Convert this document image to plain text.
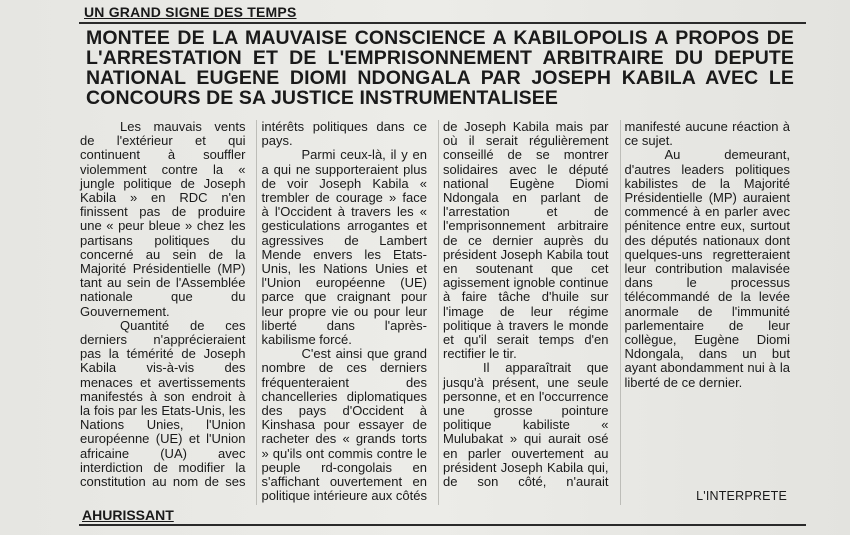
UN GRAND SIGNE DES TEMPS
MONTEE DE LA MAUVAISE CONSCIENCE A KABILOPOLIS A PROPOS DE L'ARRESTATION ET DE L'EMPRISONNEMENT ARBITRAIRE DU DEPUTE NATIONAL EUGENE DIOMI NDONGALA PAR JOSEPH KABILA AVEC LE CONCOURS DE SA JUSTICE INSTRUMENTALISEE

Les mauvais vents de l'extérieur et qui continuent à souffler violemment contre la « jungle politique de Joseph Kabila » en RDC n'en finissent pas de produire une « peur bleue » chez les partisans politiques du concerné au sein de la Majorité Présidentielle (MP) tant au sein de l'Assemblée nationale que du Gouvernement.

Quantité de ces derniers n'apprécieraient pas la témérité de Joseph Kabila vis-à-vis des menaces et avertissements manifestés à son endroit à la fois par les Etats-Unis, les Nations Unies, l'Union européenne (UE) et l'Union africaine (UA) avec interdiction de modifier la constitution au nom de ses intérêts politiques dans ce pays.

Parmi ceux-là, il y en a qui ne supporteraient plus de voir Joseph Kabila « trembler de courage » face à l'Occident à travers les « gesticulations arrogantes et agressives de Lambert Mende envers les Etats-Unis, les Nations Unies et l'Union européenne (UE) parce que craignant pour leur propre vie ou pour leur liberté dans l'après-kabilisme forcé.

C'est ainsi que grand nombre de ces derniers fréquenteraient des chancelleries diplomatiques des pays d'Occident à Kinshasa pour essayer de racheter des « grands torts » qu'ils ont commis contre le peuple rd-congolais en s'affichant ouvertement en politique intérieure aux côtés de Joseph Kabila mais par où il serait régulièrement conseillé de se montrer solidaires avec le député national Eugène Diomi Ndongala en parlant de l'arrestation et de l'emprisonnement arbitraire de ce dernier auprès du président Joseph Kabila tout en soutenant que cet agissement ignoble continue à faire tâche d'huile sur l'image de leur régime politique à travers le monde et qu'il serait temps d'en rectifier le tir.

Il apparaîtrait que jusqu'à présent, une seule personne, et en l'occurrence une grosse pointure politique kabiliste « Mulubakat » qui aurait osé en parler ouvertement au président Joseph Kabila qui, de son côté, n'aurait manifesté aucune réaction à ce sujet.

Au demeurant, d'autres leaders politiques kabilistes de la Majorité Présidentielle (MP) auraient commencé à en parler avec pénitence entre eux, surtout des députés nationaux dont quelques-uns regretteraient leur contribution malavisée dans le processus télécommandé de la levée anormale de l'immunité parlementaire de leur collègue, Eugène Diomi Ndongala, dans un but ayant abondamment nui à la liberté de ce dernier.

L'INTERPRETE
AHURISSANT
